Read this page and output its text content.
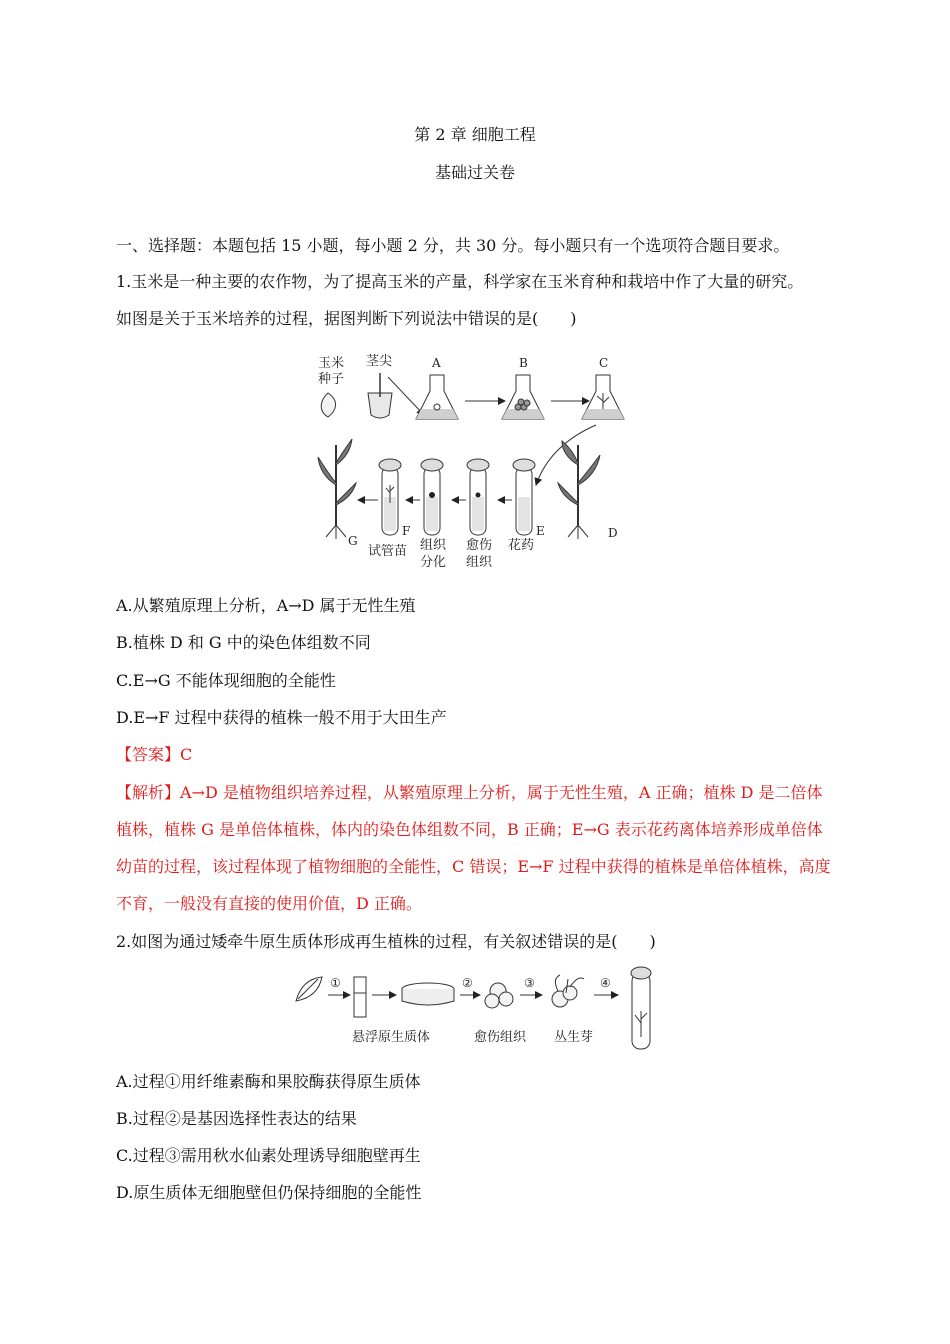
第 2 章 细胞工程
基础过关卷
一、选择题：本题包括 15 小题，每小题 2 分，共 30 分。每小题只有一个选项符合题目要求。
1.玉米是一种主要的农作物，为了提高玉米的产量，科学家在玉米育种和栽培中作了大量的研究。
如图是关于玉米培养的过程，据图判断下列说法中错误的是(　　)
玉米
种子
茎尖	A	B	C
D
E
F
G
试管苗 组织
分化
愈伤
组织
花药
A.从繁殖原理上分析，A→D 属于无性生殖
B.植株 D 和 G 中的染色体组数不同
C.E→G 不能体现细胞的全能性
D.E→F 过程中获得的植株一般不用于大田生产
【答案】C
【解析】A→D 是植物组织培养过程，从繁殖原理上分析，属于无性生殖，A 正确；植株 D 是二倍体植株，植株 G 是单倍体植株，体内的染色体组数不同，B 正确；E→G 表示花药离体培养形成单倍体幼苗的过程，该过程体现了植物细胞的全能性，C 错误；E→F 过程中获得的植株是单倍体植株，高度不育，一般没有直接的使用价值，D 正确。
2.如图为通过矮牵牛原生质体形成再生植株的过程，有关叙述错误的是(　　)
①
悬浮原生质体
②
愈伤组织
③
丛生芽
④
A.过程①用纤维素酶和果胶酶获得原生质体
B.过程②是基因选择性表达的结果
C.过程③需用秋水仙素处理诱导细胞壁再生
D.原生质体无细胞壁但仍保持细胞的全能性
